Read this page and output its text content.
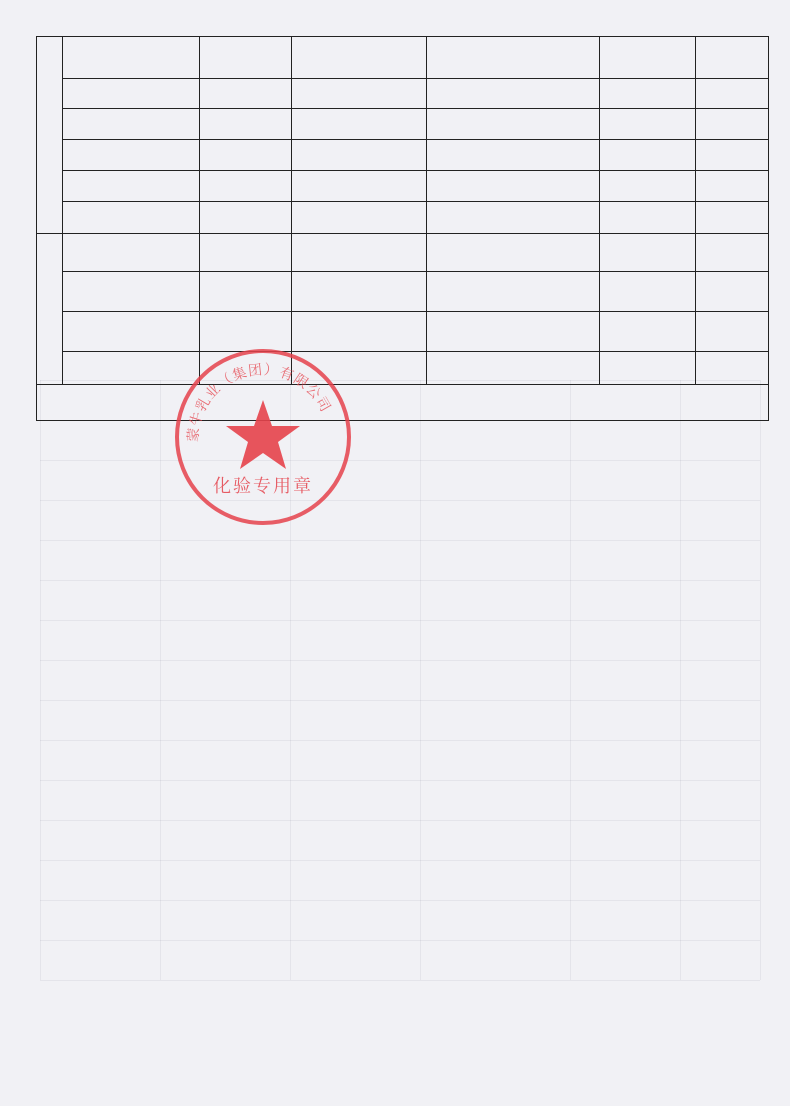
蒙牛乳业（集团）有限公司
化验专用章
